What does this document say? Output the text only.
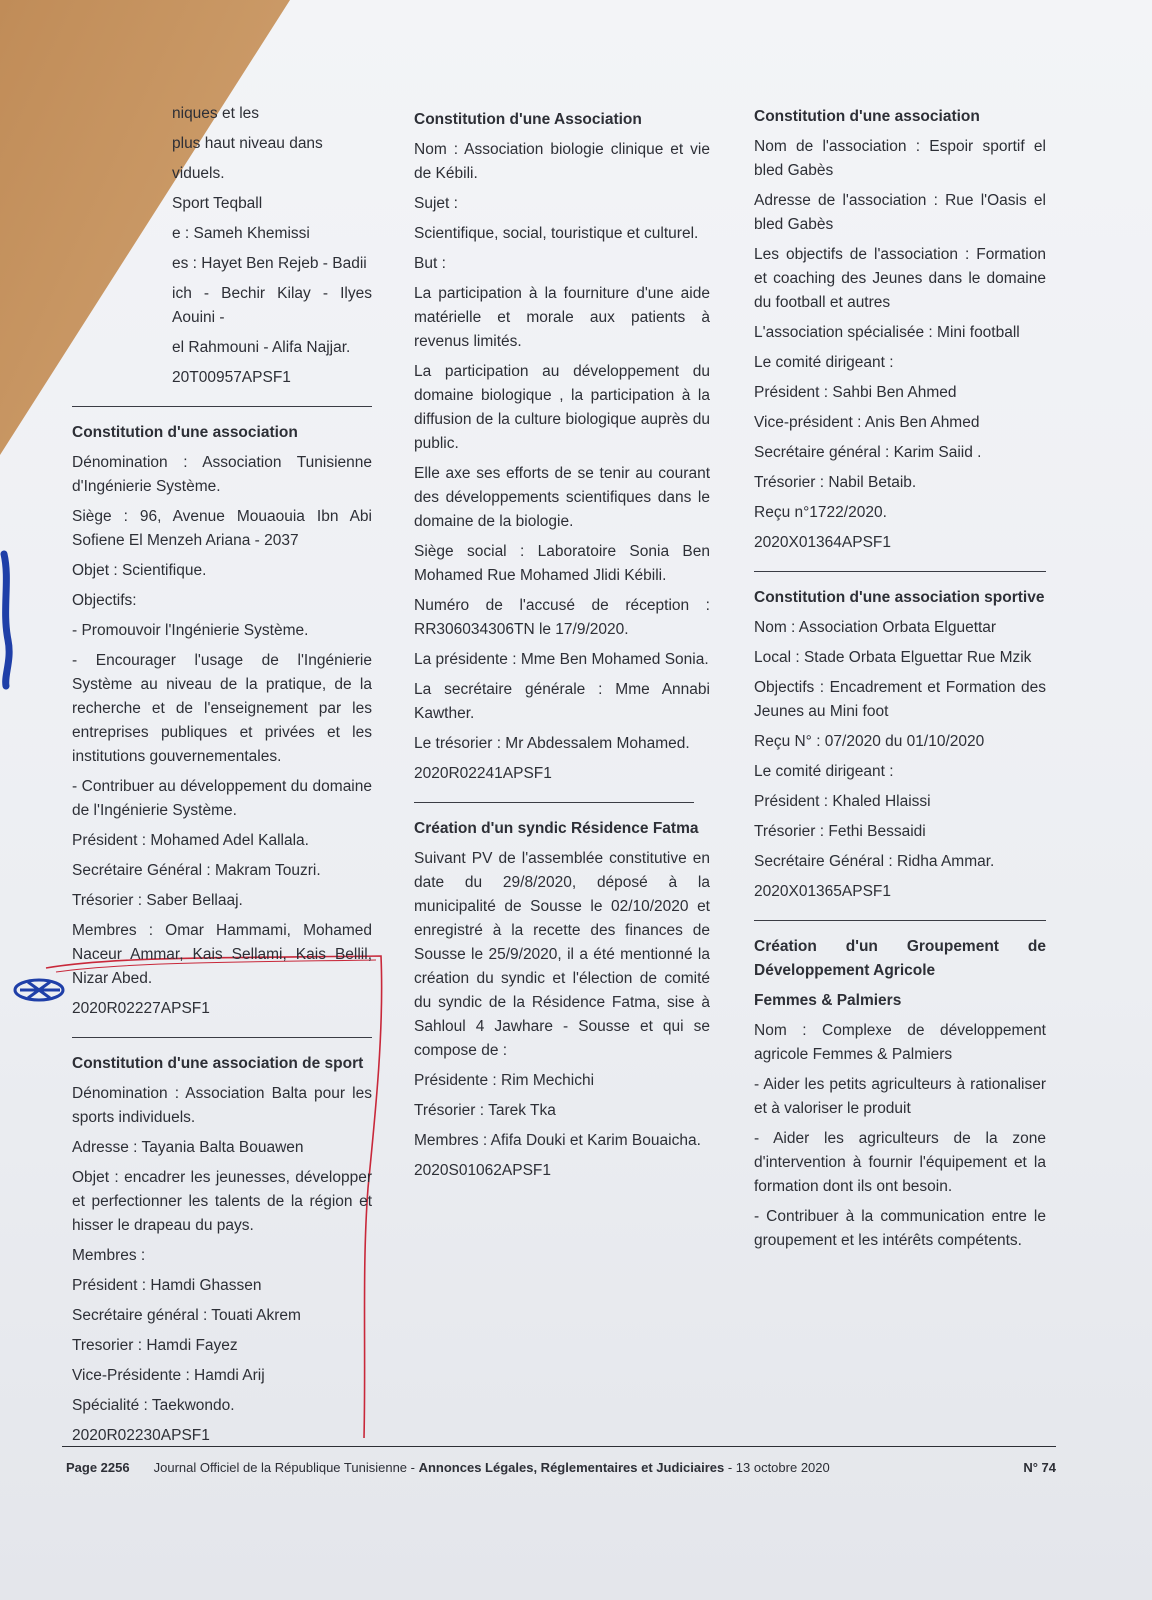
niques et les

plus haut niveau dans

viduels.

Sport Teqball

e : Sameh Khemissi

es : Hayet Ben Rejeb - Badii

ich - Bechir Kilay - Ilyes Aouini -

el Rahmouni - Alifa Najjar.

20T00957APSF1

Constitution d'une association

Dénomination : Association Tunisienne d'Ingénierie Système.

Siège : 96, Avenue Mouaouia Ibn Abi Sofiene El Menzeh Ariana - 2037

Objet : Scientifique.

Objectifs:

- Promouvoir l'Ingénierie Système.

- Encourager l'usage de l'Ingénierie Système au niveau de la pratique, de la recherche et de l'enseignement par les entreprises publiques et privées et les institutions gouvernementales.

- Contribuer au développement du domaine de l'Ingénierie Système.

Président : Mohamed Adel Kallala.

Secrétaire Général : Makram Touzri.

Trésorier : Saber Bellaaj.

Membres : Omar Hammami, Mohamed Naceur Ammar, Kais Sellami, Kais Bellil, Nizar Abed.

2020R02227APSF1

Constitution d'une association de sport

Dénomination : Association Balta pour les sports individuels.

Adresse : Tayania Balta Bouawen

Objet : encadrer les jeunesses, développer et perfectionner les talents de la région et hisser le drapeau du pays.

Membres :

Président : Hamdi Ghassen

Secrétaire général : Touati Akrem

Tresorier : Hamdi Fayez

Vice-Présidente : Hamdi Arij

Spécialité : Taekwondo.

2020R02230APSF1

Constitution d'une Association

Nom : Association biologie clinique et vie de Kébili.

Sujet :

Scientifique, social, touristique et culturel.

But :

La participation à la fourniture d'une aide matérielle et morale aux patients à revenus limités.

La participation au développement du domaine biologique , la participation à la diffusion de la culture biologique auprès du public.

Elle axe ses efforts de se tenir au courant des développements scientifiques dans le domaine de la biologie.

Siège social : Laboratoire Sonia Ben Mohamed Rue Mohamed Jlidi Kébili.

Numéro de l'accusé de réception : RR306034306TN le 17/9/2020.

La présidente : Mme Ben Mohamed Sonia.

La secrétaire générale : Mme Annabi Kawther.

Le trésorier : Mr Abdessalem Mohamed.

2020R02241APSF1

Création d'un syndic Résidence Fatma

Suivant PV de l'assemblée constitutive en date du 29/8/2020, déposé à la municipalité de Sousse le 02/10/2020 et enregistré à la recette des finances de Sousse le 25/9/2020, il a été mentionné la création du syndic et l'élection de comité du syndic de la Résidence Fatma, sise à Sahloul 4 Jawhare - Sousse et qui se compose de :

Présidente : Rim Mechichi

Trésorier : Tarek Tka

Membres : Afifa Douki et Karim Bouaicha.

2020S01062APSF1

Constitution d'une association

Nom de l'association : Espoir sportif el bled Gabès

Adresse de l'association : Rue l'Oasis el bled Gabès

Les objectifs de l'association : Formation et coaching des Jeunes dans le domaine du football et autres

L'association spécialisée : Mini football

Le comité dirigeant :

Président : Sahbi Ben Ahmed

Vice-président : Anis Ben Ahmed

Secrétaire général : Karim Saiid .

Trésorier : Nabil Betaib.

Reçu n°1722/2020.

2020X01364APSF1

Constitution d'une association sportive

Nom : Association Orbata Elguettar

Local : Stade Orbata Elguettar Rue Mzik

Objectifs : Encadrement et Formation des Jeunes au Mini foot

Reçu N° : 07/2020 du 01/10/2020

Le comité dirigeant :

Président : Khaled Hlaissi

Trésorier : Fethi Bessaidi

Secrétaire Général : Ridha Ammar.

2020X01365APSF1

Création d'un Groupement de Développement Agricole

Femmes & Palmiers

Nom : Complexe de développement agricole Femmes & Palmiers

- Aider les petits agriculteurs à rationaliser et à valoriser le produit

- Aider les agriculteurs de la zone d'intervention à fournir l'équipement et la formation dont ils ont besoin.

- Contribuer à la communication entre le groupement et les intérêts compétents.

Page 2256 Journal Officiel de la République Tunisienne - Annonces Légales, Réglementaires et Judiciaires - 13 octobre 2020	N° 74
